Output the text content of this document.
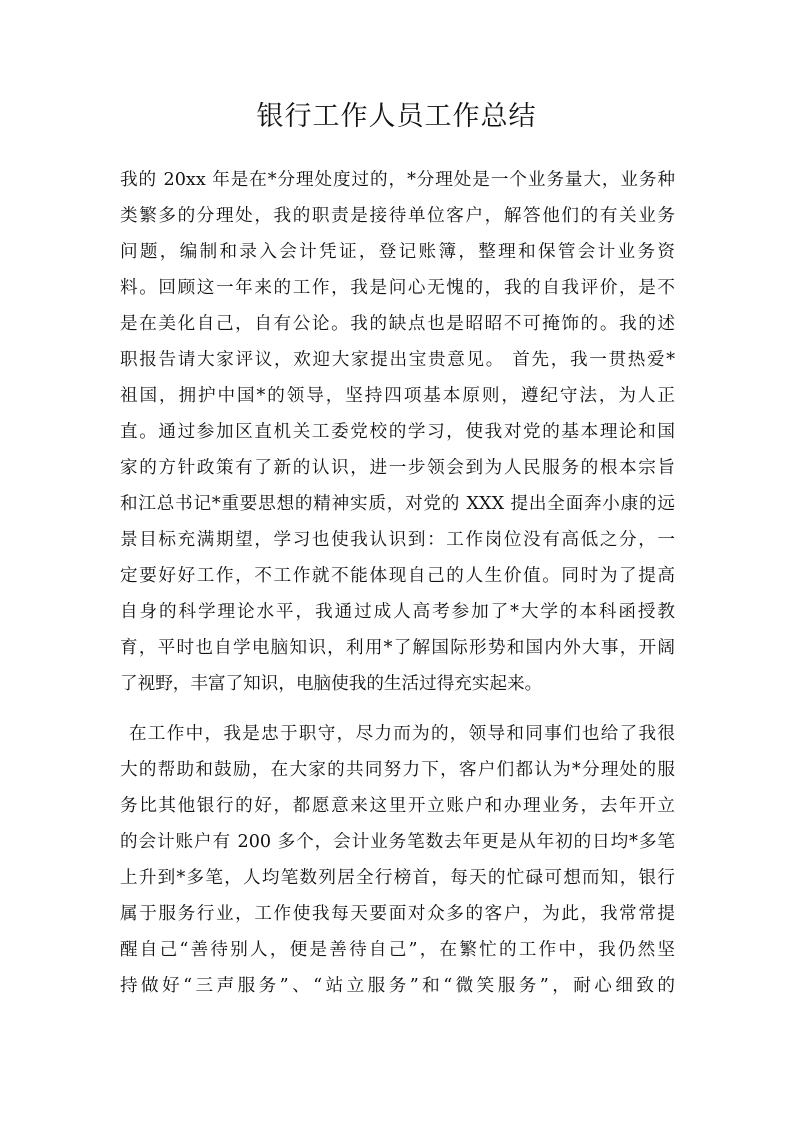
银行工作人员工作总结
我的 20xx 年是在*分理处度过的，*分理处是一个业务量大，业务种
类繁多的分理处，我的职责是接待单位客户，解答他们的有关业务
问题，编制和录入会计凭证，登记账簿，整理和保管会计业务资
料。回顾这一年来的工作，我是问心无愧的，我的自我评价，是不
是在美化自己，自有公论。我的缺点也是昭昭不可掩饰的。我的述
职报告请大家评议，欢迎大家提出宝贵意见。 首先，我一贯热爱*
祖国，拥护中国*的领导，坚持四项基本原则，遵纪守法，为人正
直。通过参加区直机关工委党校的学习，使我对党的基本理论和国
家的方针政策有了新的认识，进一步领会到为人民服务的根本宗旨
和江总书记*重要思想的精神实质，对党的 XXX 提出全面奔小康的远
景目标充满期望，学习也使我认识到：工作岗位没有高低之分，一
定要好好工作，不工作就不能体现自己的人生价值。同时为了提高
自身的科学理论水平，我通过成人高考参加了*大学的本科函授教
育，平时也自学电脑知识，利用*了解国际形势和国内外大事，开阔
了视野，丰富了知识，电脑使我的生活过得充实起来。
在工作中，我是忠于职守，尽力而为的，领导和同事们也给了我很
大的帮助和鼓励，在大家的共同努力下，客户们都认为*分理处的服
务比其他银行的好，都愿意来这里开立账户和办理业务，去年开立
的会计账户有 200 多个，会计业务笔数去年更是从年初的日均*多笔
上升到*多笔，人均笔数列居全行榜首，每天的忙碌可想而知，银行
属于服务行业，工作使我每天要面对众多的客户，为此，我常常提
醒自己“善待别人，便是善待自己”，在繁忙的工作中，我仍然坚
持做好“三声服务”、“站立服务”和“微笑服务”，耐心细致的
